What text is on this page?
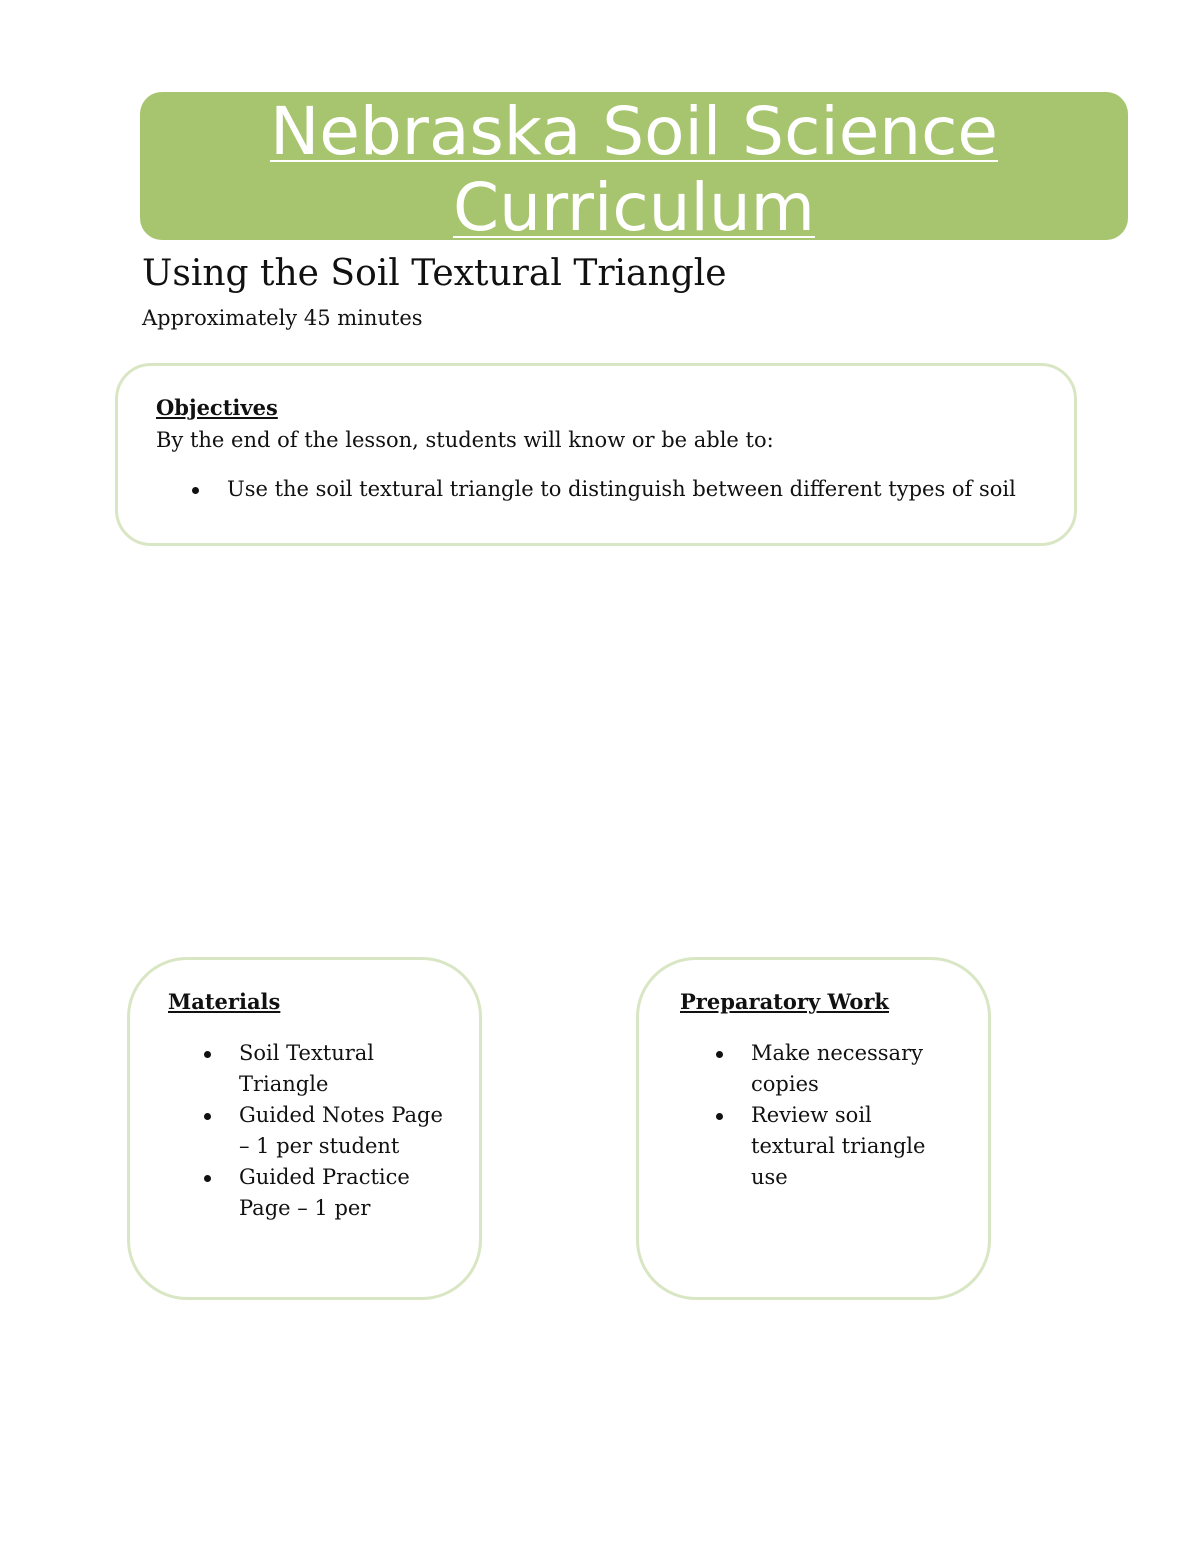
Nebraska Soil Science Curriculum
Using the Soil Textural Triangle
Approximately 45 minutes
Objectives
By the end of the lesson, students will know or be able to:
Use the soil textural triangle to distinguish between different types of soil
Materials
Soil Textural Triangle
Guided Notes Page – 1 per student
Guided Practice Page – 1 per
Preparatory Work
Make necessary copies
Review soil textural triangle use
